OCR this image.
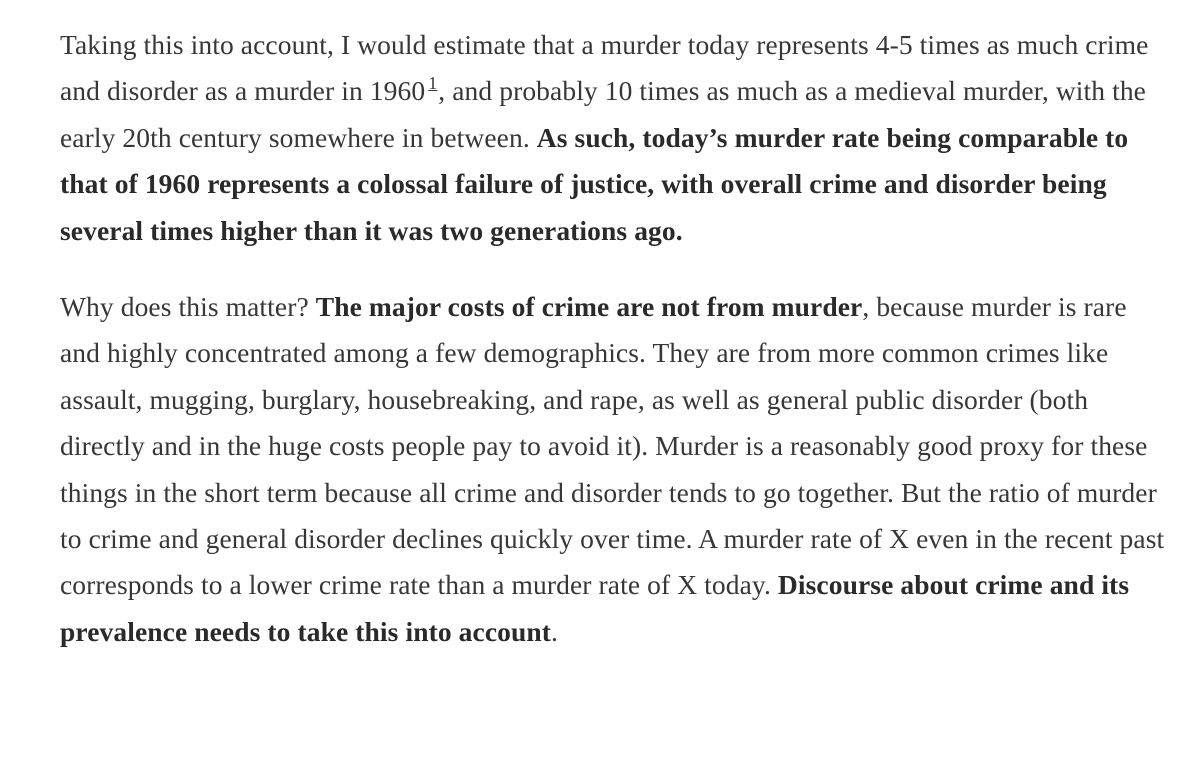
Taking this into account, I would estimate that a murder today represents 4-5 times as much crime and disorder as a murder in 1960 $^1$, and probably 10 times as much as a medieval murder, with the early 20th century somewhere in between. As such, today’s murder rate being comparable to that of 1960 represents a colossal failure of justice, with overall crime and disorder being several times higher than it was two generations ago.

Why does this matter? The major costs of crime are not from murder, because murder is rare and highly concentrated among a few demographics. They are from more common crimes like assault, mugging, burglary, housebreaking, and rape, as well as general public disorder (both directly and in the huge costs people pay to avoid it). Murder is a reasonably good proxy for these things in the short term because all crime and disorder tends to go together. But the ratio of murder to crime and general disorder declines quickly over time. A murder rate of X even in the recent past corresponds to a lower crime rate than a murder rate of X today. Discourse about crime and its prevalence needs to take this into account.
